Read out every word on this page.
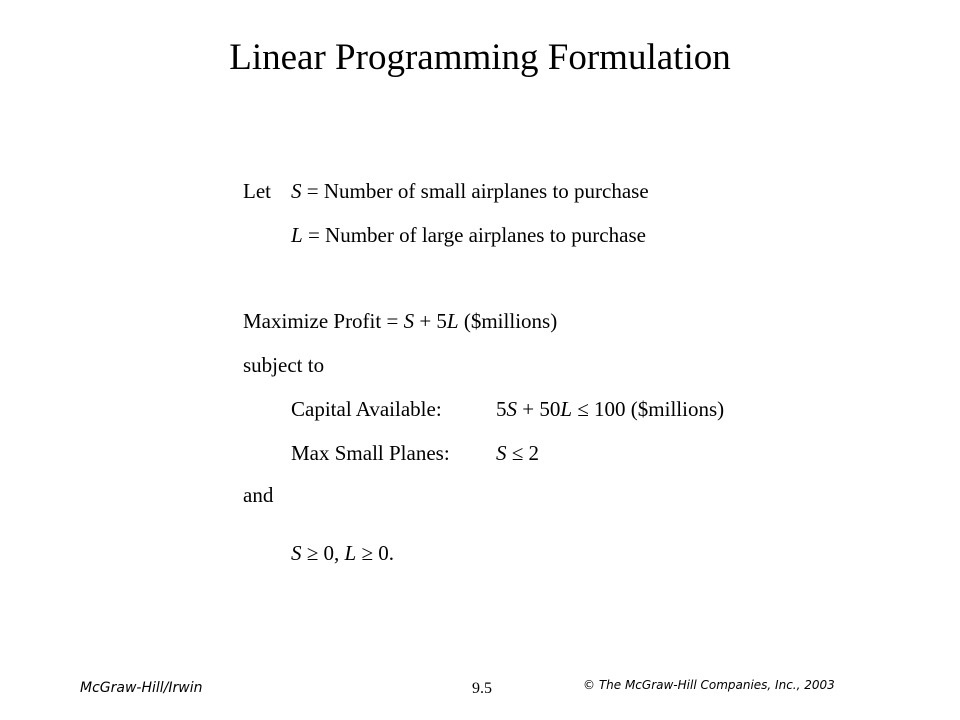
Linear Programming Formulation
Let S = Number of small airplanes to purchase
L = Number of large airplanes to purchase
Maximize Profit = S + 5L ($millions)
subject to
Capital Available:	5S + 50L ≤ 100 ($millions)
Max Small Planes: S ≤ 2
and
S ≥ 0, L ≥ 0.
McGraw-Hill/Irwin	9.5	© The McGraw-Hill Companies, Inc., 2003
